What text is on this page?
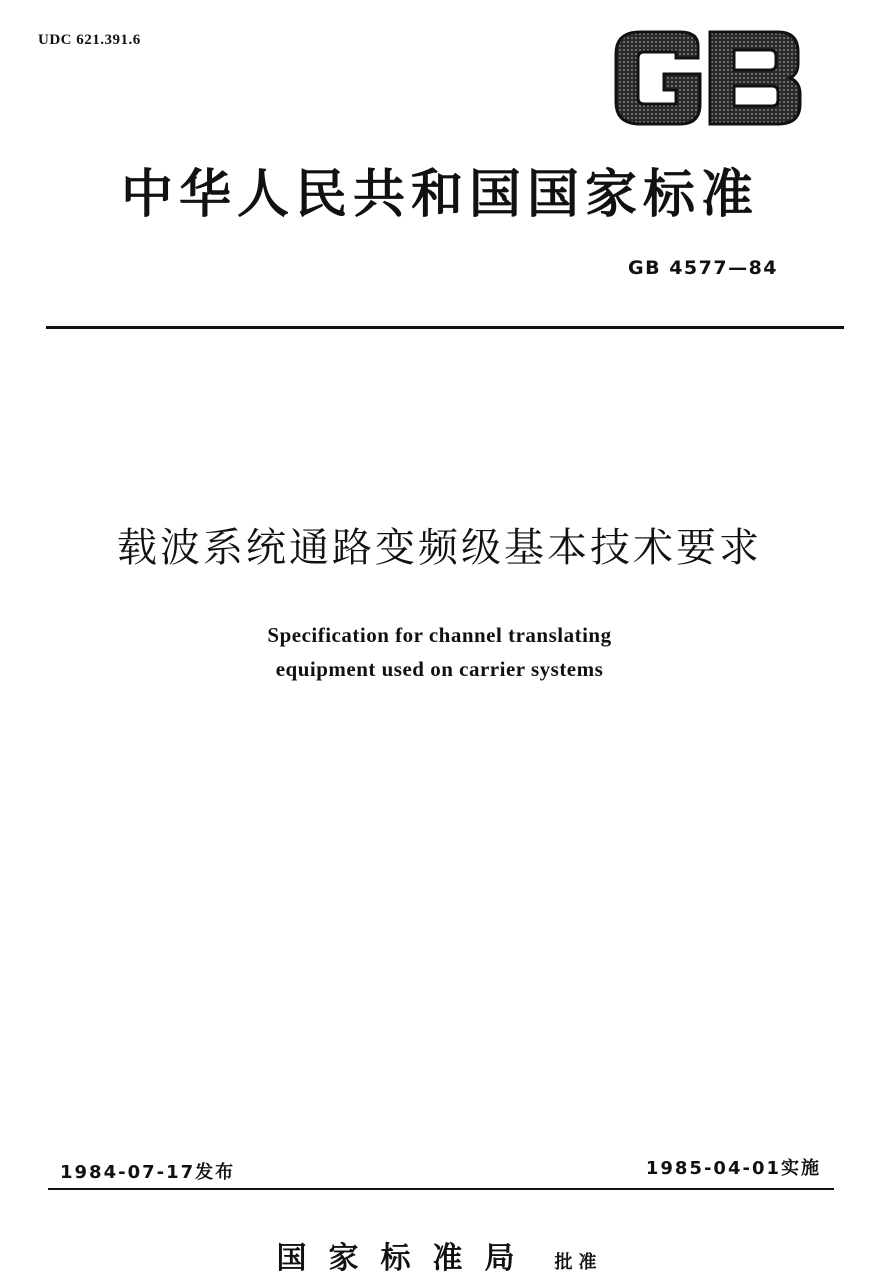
UDC 621.391.6
中华人民共和国国家标准
GB 4577—84
载波系统通路变频级基本技术要求
Specification for channel translating
equipment used on carrier systems
1984-07-17发布	1985-04-01实施
国家标准局 批准
